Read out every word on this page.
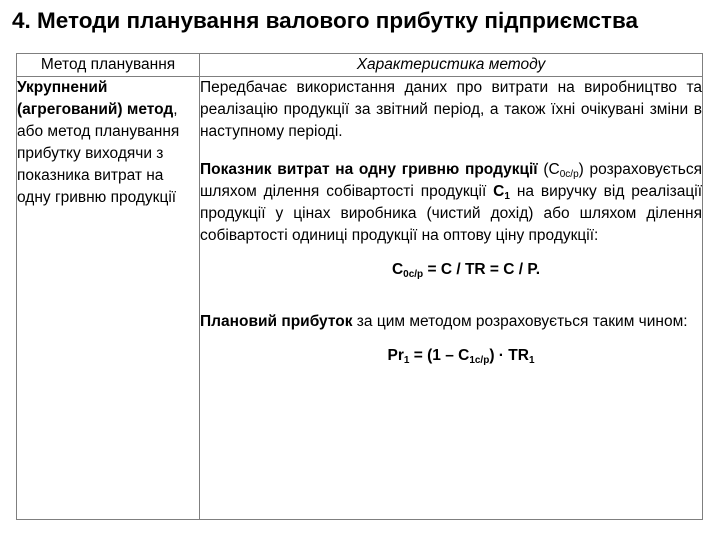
4. Методи планування валового прибутку підприємства
Метод планування	Характеристика методу
Укрупнений (агрегований) метод, або метод планування прибутку виходячи з показника витрат на одну гривню продукції	Передбачає використання даних про витрати на виробництво та реалізацію продукції за звітний період, а також їхні очікувані зміни в наступному періоді.

Показник витрат на одну гривню продукції $(С_{0с/р})$ розраховується шляхом ділення собівартості продукції $С_1$ на виручку від реалізації продукції у цінах виробника (чистий дохід) або шляхом ділення собівартості одиниці продукції на оптову ціну продукції:

$С_{0с/р} = С$ / TR = C / P.

Плановий прибуток за цим методом розраховується таким чином:

$Pr_1 = (1 - С_{1с/р}) \cdot TR_1$
